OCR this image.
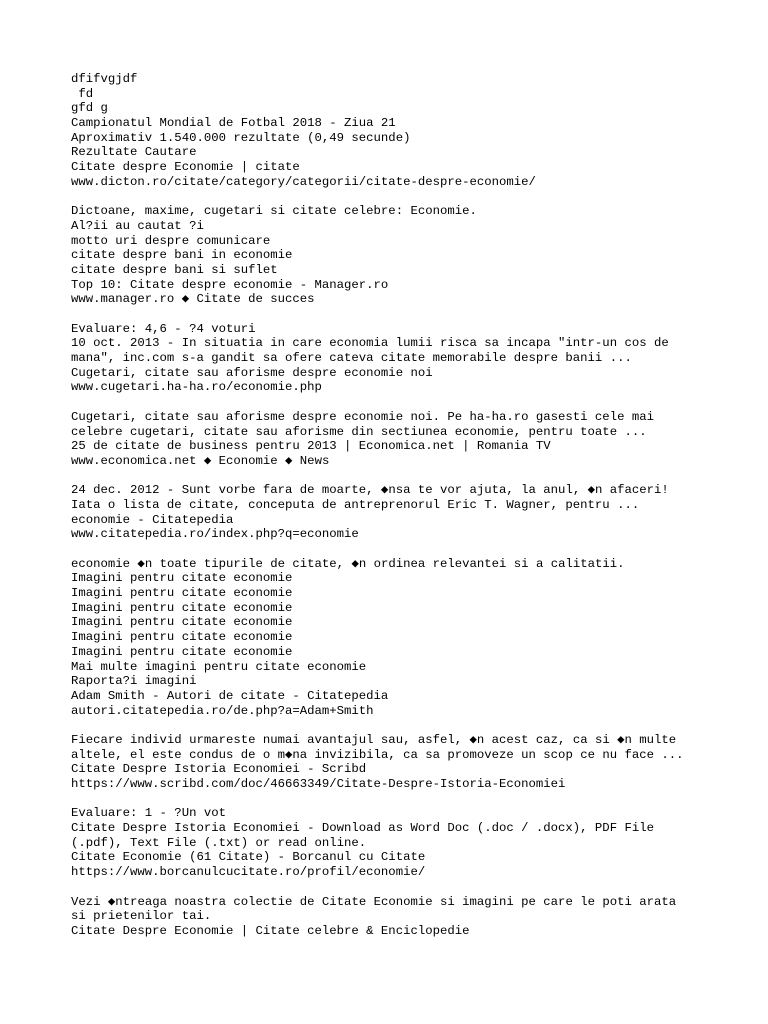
dfifvgjdf
fd
gfd g
Campionatul Mondial de Fotbal 2018 - Ziua 21
Aproximativ 1.540.000 rezultate (0,49 secunde)
Rezultate Cautare
Citate despre Economie | citate
www.dicton.ro/citate/category/categorii/citate-despre-economie/
Dictoane, maxime, cugetari si citate celebre: Economie.
Al?ii au cautat ?i
motto uri despre comunicare
citate despre bani in economie
citate despre bani si suflet
Top 10: Citate despre economie - Manager.ro
www.manager.ro ◆ Citate de succes
Evaluare: 4,6 - ?4 voturi
10 oct. 2013 - In situatia in care economia lumii risca sa incapa "intr-un cos de
mana", inc.com s-a gandit sa ofere cateva citate memorabile despre banii ...
Cugetari, citate sau aforisme despre economie noi
www.cugetari.ha-ha.ro/economie.php
Cugetari, citate sau aforisme despre economie noi. Pe ha-ha.ro gasesti cele mai
celebre cugetari, citate sau aforisme din sectiunea economie, pentru toate ...
25 de citate de business pentru 2013 | Economica.net | Romania TV
www.economica.net ◆ Economie ◆ News
24 dec. 2012 - Sunt vorbe fara de moarte, ◆nsa te vor ajuta, la anul, ◆n afaceri!
Iata o lista de citate, conceputa de antreprenorul Eric T. Wagner, pentru ...
economie - Citatepedia
www.citatepedia.ro/index.php?q=economie
economie ◆n toate tipurile de citate, ◆n ordinea relevantei si a calitatii.
Imagini pentru citate economie
Imagini pentru citate economie
Imagini pentru citate economie
Imagini pentru citate economie
Imagini pentru citate economie
Imagini pentru citate economie
Mai multe imagini pentru citate economie
Raporta?i imagini
Adam Smith - Autori de citate - Citatepedia
autori.citatepedia.ro/de.php?a=Adam+Smith
Fiecare individ urmareste numai avantajul sau, asfel, ◆n acest caz, ca si ◆n multe
altele, el este condus de o m◆na invizibila, ca sa promoveze un scop ce nu face ...
Citate Despre Istoria Economiei - Scribd
https://www.scribd.com/doc/46663349/Citate-Despre-Istoria-Economiei
Evaluare: 1 - ?Un vot
Citate Despre Istoria Economiei - Download as Word Doc (.doc / .docx), PDF File
(.pdf), Text File (.txt) or read online.
Citate Economie (61 Citate) - Borcanul cu Citate
https://www.borcanulcucitate.ro/profil/economie/
Vezi ◆ntreaga noastra colectie de Citate Economie si imagini pe care le poti arata
si prietenilor tai.
Citate Despre Economie | Citate celebre & Enciclopedie
